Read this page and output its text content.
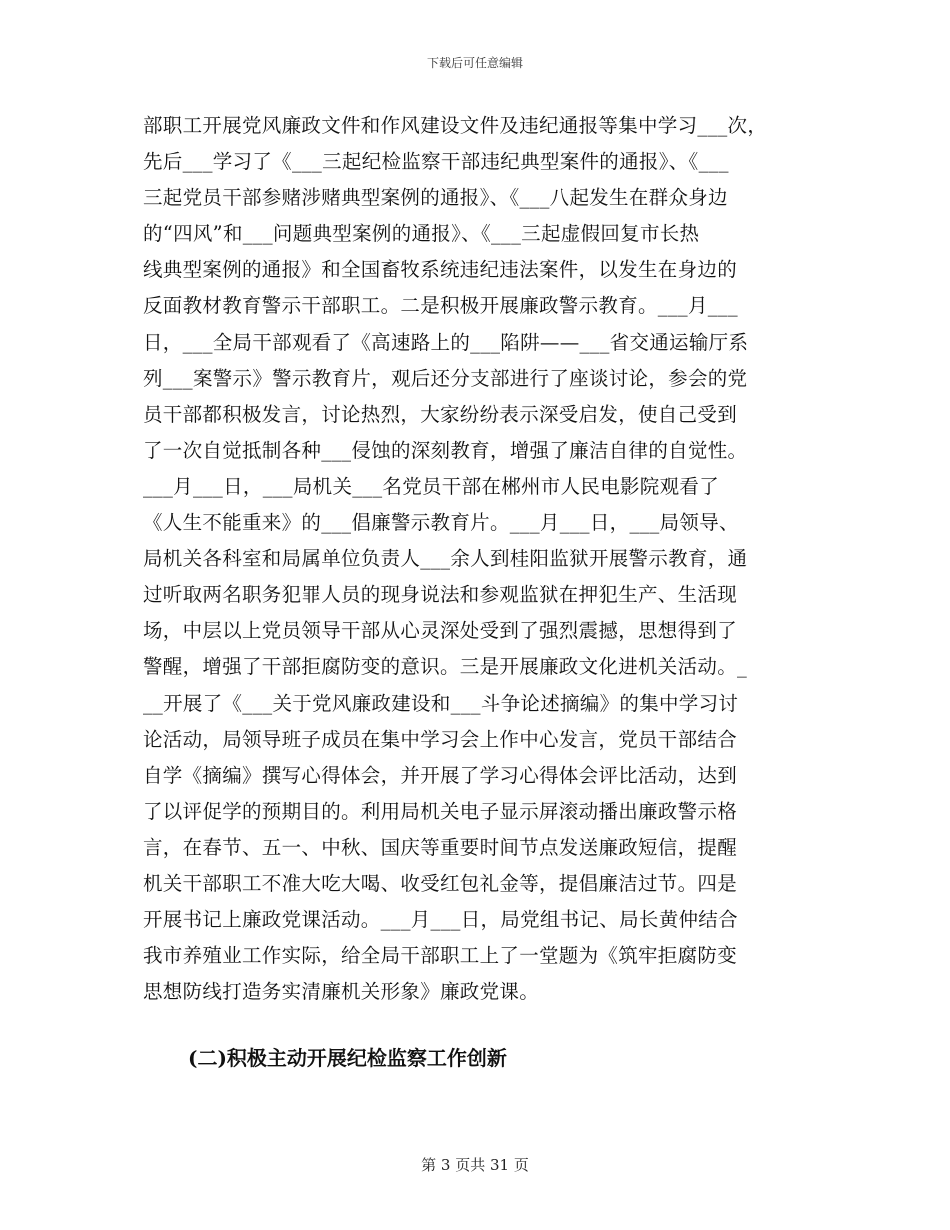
下载后可任意编辑
部职工开展党风廉政文件和作风建设文件及违纪通报等集中学习___次，
先后___学习了《___三起纪检监察干部违纪典型案件的通报》、《___
三起党员干部参赌涉赌典型案例的通报》、《___八起发生在群众身边
的“四风”和___问题典型案例的通报》、《___三起虚假回复市长热
线典型案例的通报》和全国畜牧系统违纪违法案件，以发生在身边的
反面教材教育警示干部职工。二是积极开展廉政警示教育。___月___
日，___全局干部观看了《高速路上的___陷阱——___省交通运输厅系
列___案警示》警示教育片，观后还分支部进行了座谈讨论，参会的党
员干部都积极发言，讨论热烈，大家纷纷表示深受启发，使自己受到
了一次自觉抵制各种___侵蚀的深刻教育，增强了廉洁自律的自觉性。
___月___日，___局机关___名党员干部在郴州市人民电影院观看了
《人生不能重来》的___倡廉警示教育片。___月___日，___局领导、
局机关各科室和局属单位负责人___余人到桂阳监狱开展警示教育，通
过听取两名职务犯罪人员的现身说法和参观监狱在押犯生产、生活现
场，中层以上党员领导干部从心灵深处受到了强烈震撼，思想得到了
警醒，增强了干部拒腐防变的意识。三是开展廉政文化进机关活动。_
__开展了《___关于党风廉政建设和___斗争论述摘编》的集中学习讨
论活动，局领导班子成员在集中学习会上作中心发言，党员干部结合
自学《摘编》撰写心得体会，并开展了学习心得体会评比活动，达到
了以评促学的预期目的。利用局机关电子显示屏滚动播出廉政警示格
言，在春节、五一、中秋、国庆等重要时间节点发送廉政短信，提醒
机关干部职工不准大吃大喝、收受红包礼金等，提倡廉洁过节。四是
开展书记上廉政党课活动。___月___日，局党组书记、局长黄仲结合
我市养殖业工作实际，给全局干部职工上了一堂题为《筑牢拒腐防变
思想防线打造务实清廉机关形象》廉政党课。
(二)积极主动开展纪检监察工作创新
第 3 页共 31 页
